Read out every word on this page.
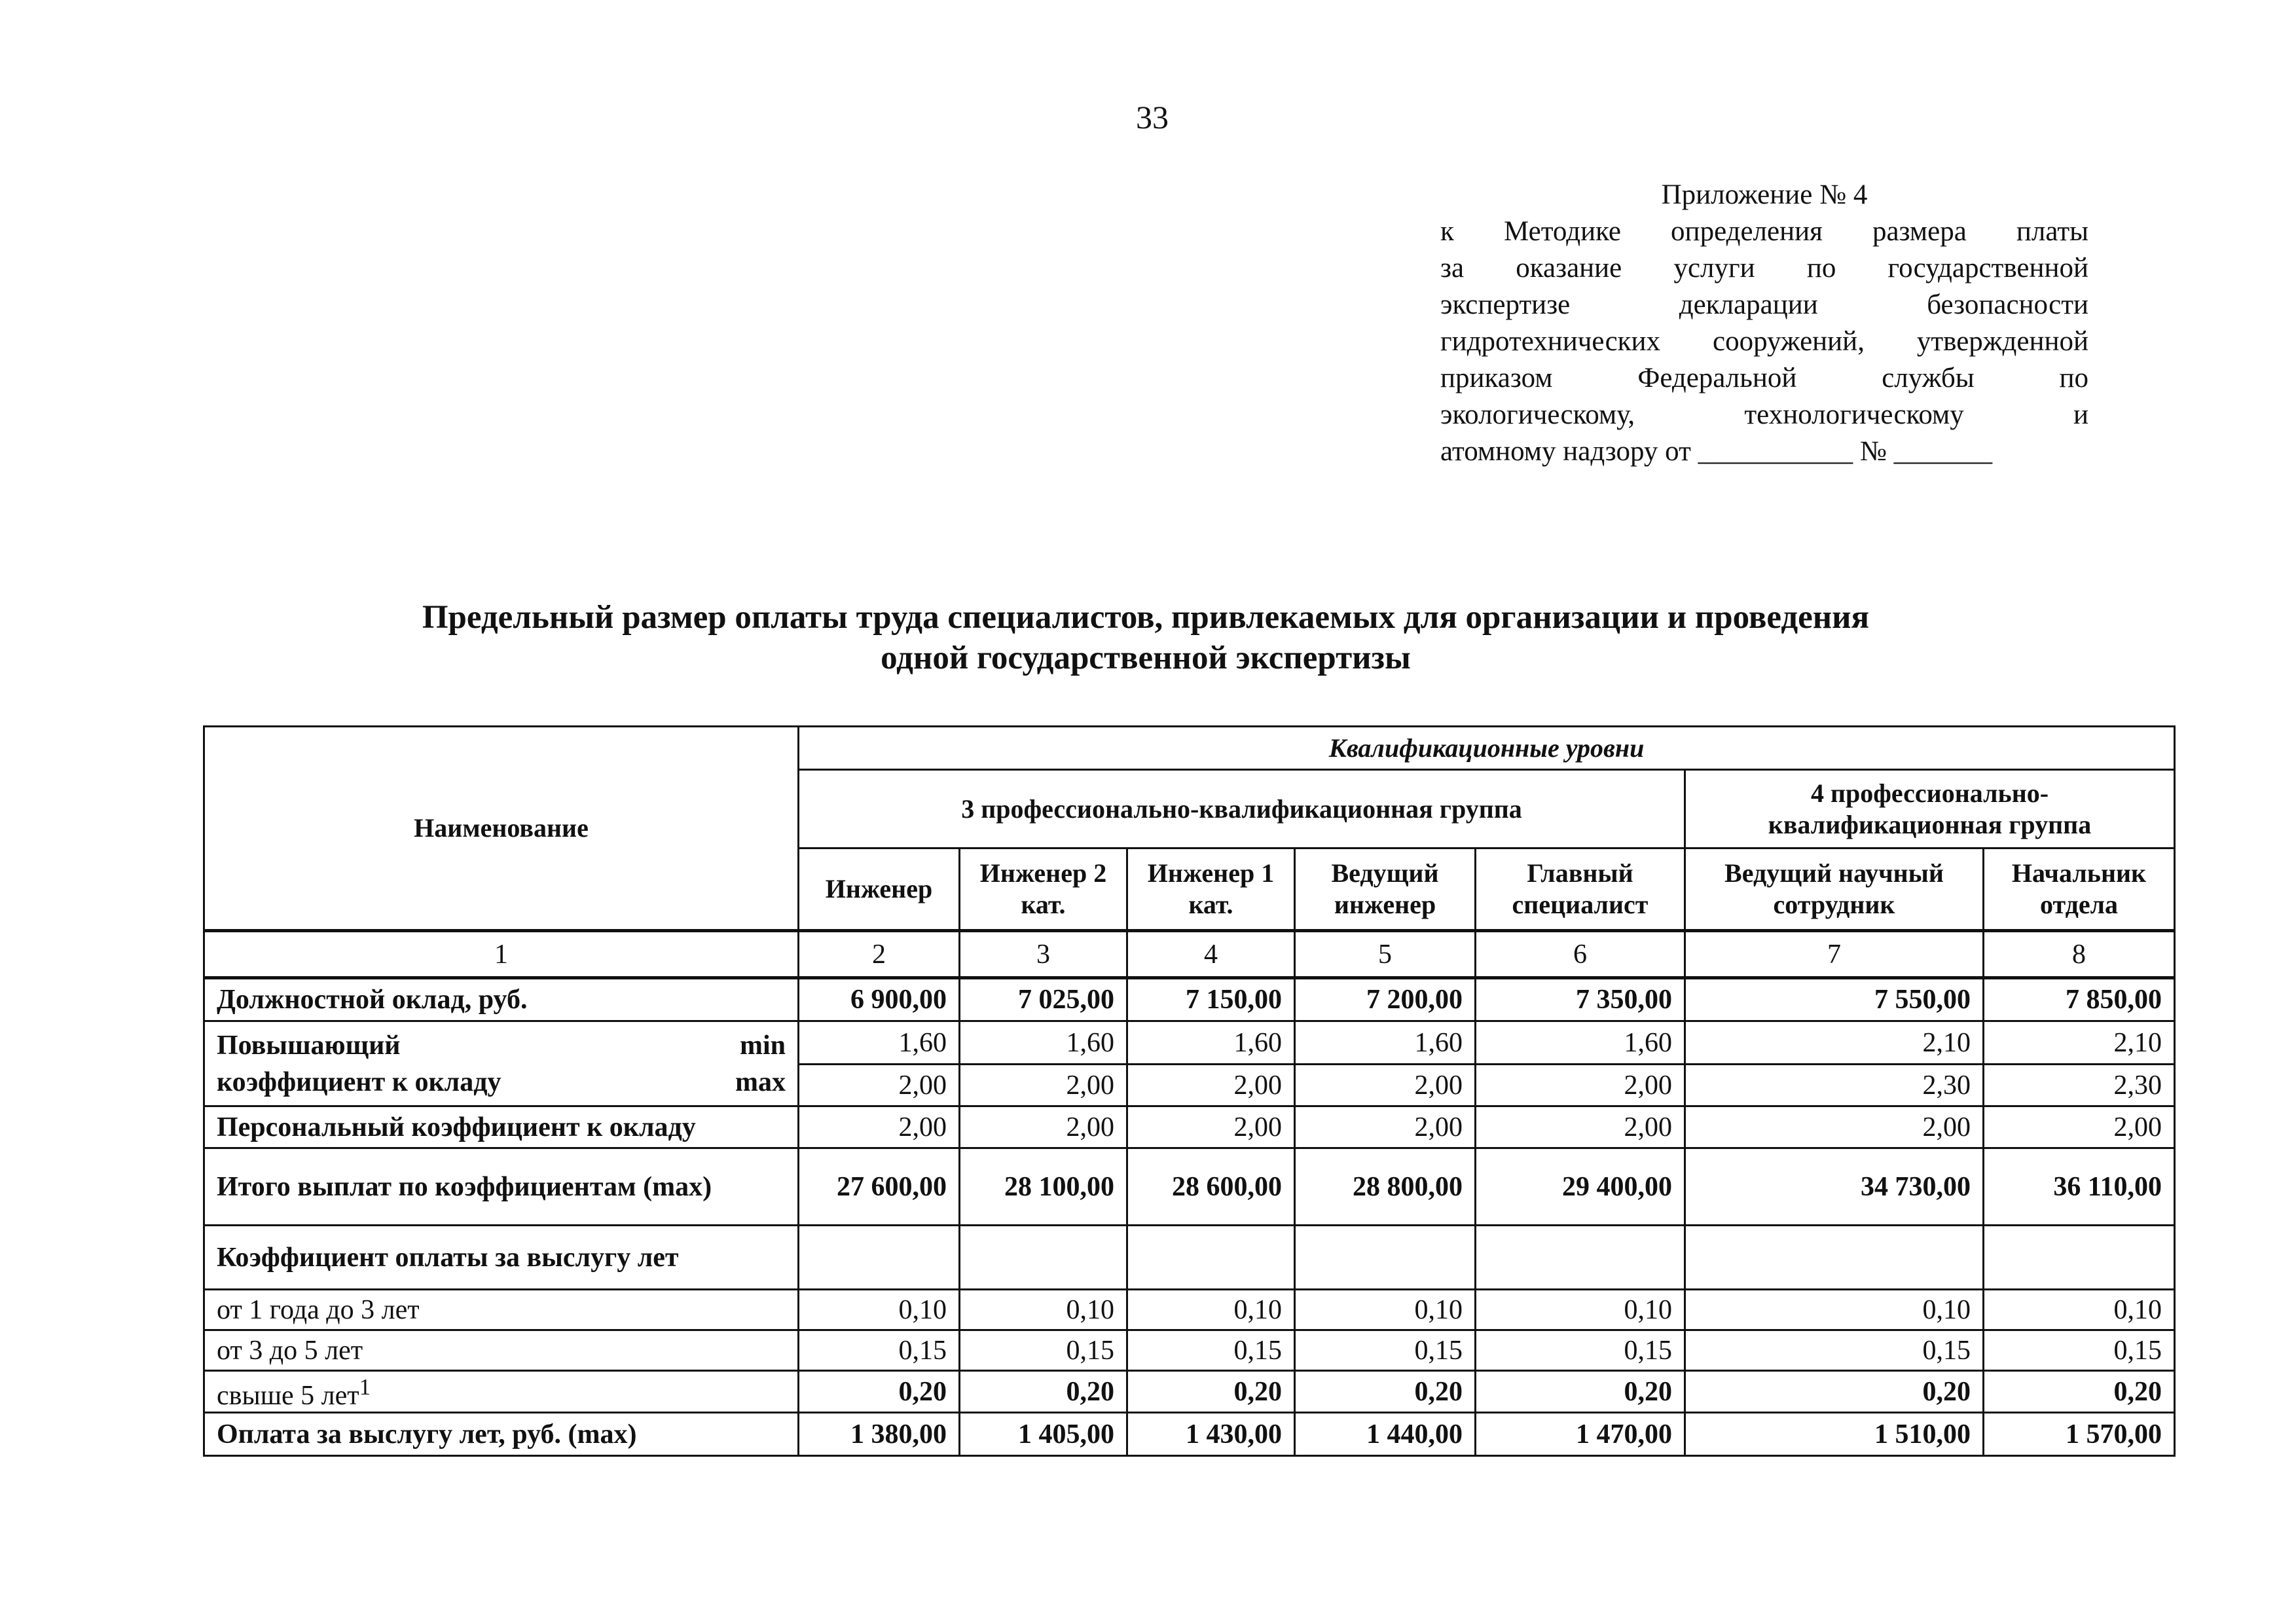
33
Приложение № 4
к Методике определения размера платы
за оказание услуги по государственной
экспертизе декларации безопасности
гидротехнических сооружений, утвержденной
приказом Федеральной службы по
экологическому, технологическому и
атомному надзору от ___________ № _______
Предельный размер оплаты труда специалистов, привлекаемых для организации и проведения
одной государственной экспертизы
Наименование	Квалификационные уровни						
	3 профессионально-квалификационная группа					4 профессионально-квалификационная группа	
	Инженер	Инженер 2 кат.	Инженер 1 кат.	Ведущий инженер	Главный специалист	Ведущий научный сотрудник	Начальник отдела
1	2	3	4	5	6	7	8
Должностной оклад, руб.	6 900,00	7 025,00	7 150,00	7 200,00	7 350,00	7 550,00	7 850,00

Повышающий min
коэффициент к окладу max	1,60	1,60	1,60	1,60	1,60	2,10	2,10
	2,00	2,00	2,00	2,00	2,00	2,30	2,30
Персональный коэффициент к окладу	2,00	2,00	2,00	2,00	2,00	2,00	2,00
Итого выплат по коэффициентам (max)	27 600,00	28 100,00	28 600,00	28 800,00	29 400,00	34 730,00	36 110,00
Коэффициент оплаты за выслугу лет							
от 1 года до 3 лет	0,10	0,10	0,10	0,10	0,10	0,10	0,10
от 3 до 5 лет	0,15	0,15	0,15	0,15	0,15	0,15	0,15
свыше 5 лет$^1$	0,20	0,20	0,20	0,20	0,20	0,20	0,20
Оплата за выслугу лет, руб. (max)	1 380,00	1 405,00	1 430,00	1 440,00	1 470,00	1 510,00	1 570,00
